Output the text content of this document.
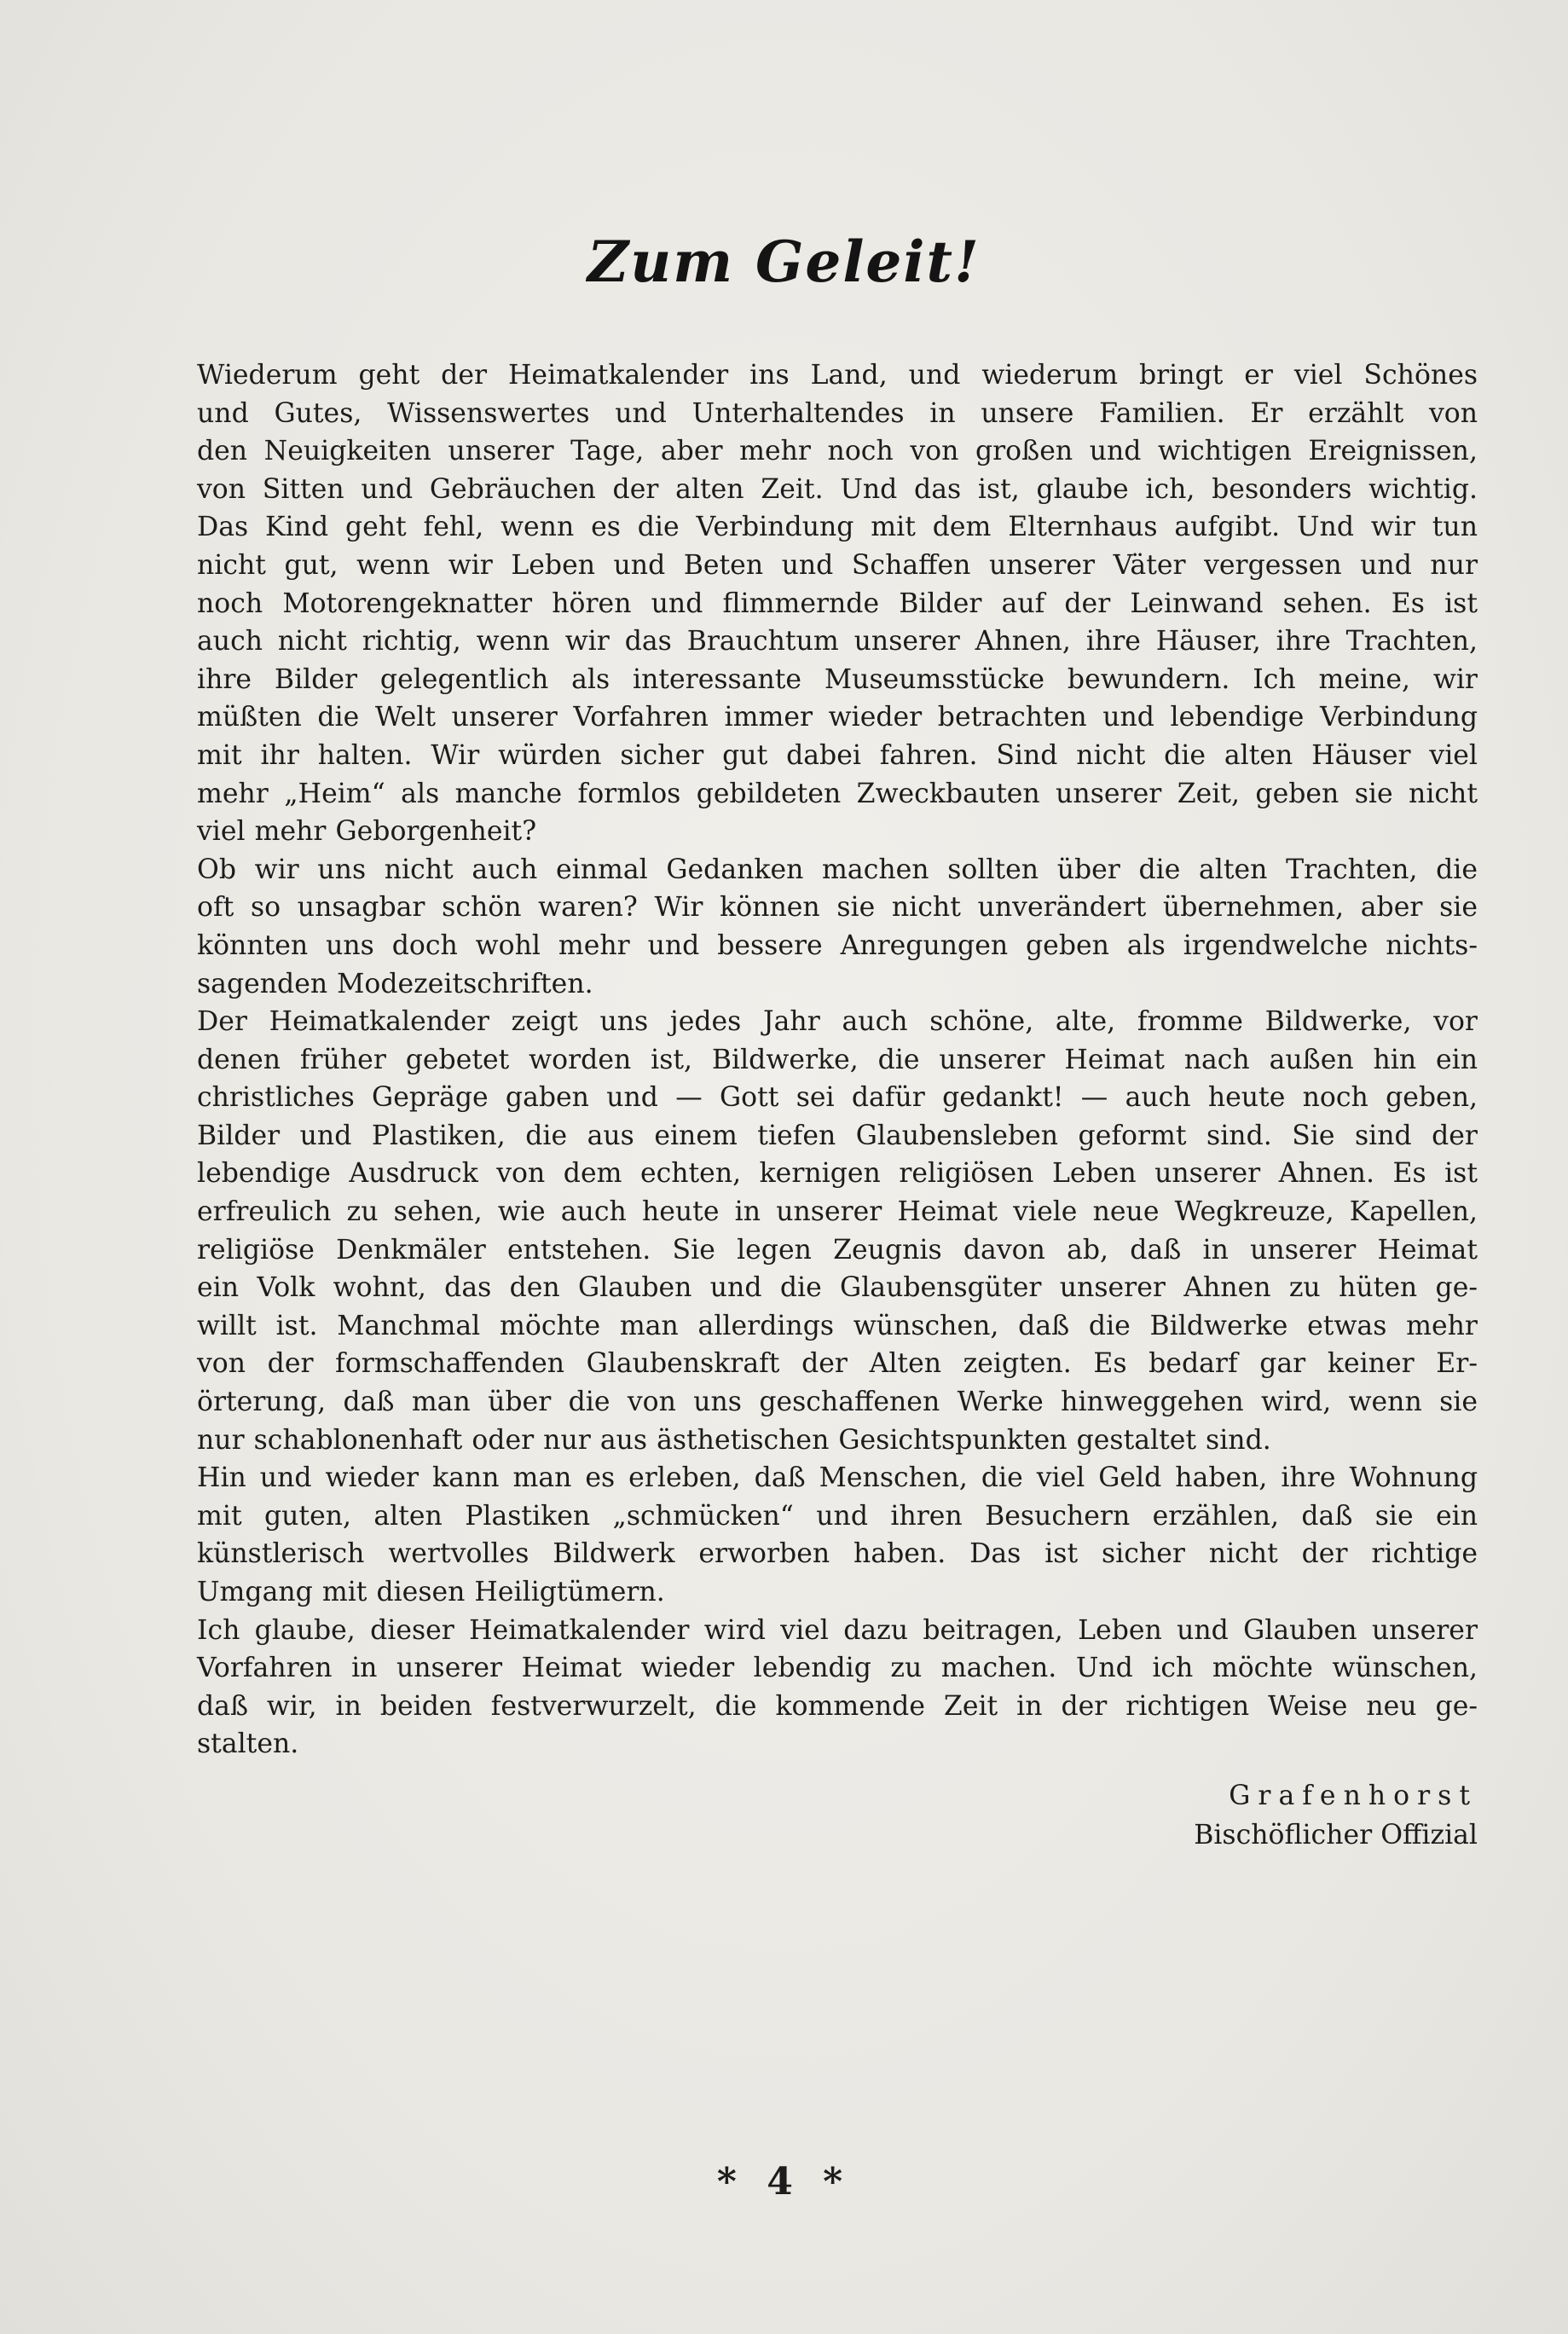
Zum Geleit!
Wiederum geht der Heimatkalender ins Land, und wiederum bringt er viel Schönes
und Gutes, Wissenswertes und Unterhaltendes in unsere Familien. Er erzählt von
den Neuigkeiten unserer Tage, aber mehr noch von großen und wichtigen Ereignissen,
von Sitten und Gebräuchen der alten Zeit. Und das ist, glaube ich, besonders wichtig.
Das Kind geht fehl, wenn es die Verbindung mit dem Elternhaus aufgibt. Und wir tun
nicht gut, wenn wir Leben und Beten und Schaffen unserer Väter vergessen und nur
noch Motorengeknatter hören und flimmernde Bilder auf der Leinwand sehen. Es ist
auch nicht richtig, wenn wir das Brauchtum unserer Ahnen, ihre Häuser, ihre Trachten,
ihre Bilder gelegentlich als interessante Museumsstücke bewundern. Ich meine, wir
müßten die Welt unserer Vorfahren immer wieder betrachten und lebendige Verbindung
mit ihr halten. Wir würden sicher gut dabei fahren. Sind nicht die alten Häuser viel
mehr „Heim“ als manche formlos gebildeten Zweckbauten unserer Zeit, geben sie nicht
viel mehr Geborgenheit?
Ob wir uns nicht auch einmal Gedanken machen sollten über die alten Trachten, die
oft so unsagbar schön waren? Wir können sie nicht unverändert übernehmen, aber sie
könnten uns doch wohl mehr und bessere Anregungen geben als irgendwelche nichts-
sagenden Modezeitschriften.
Der Heimatkalender zeigt uns jedes Jahr auch schöne, alte, fromme Bildwerke, vor
denen früher gebetet worden ist, Bildwerke, die unserer Heimat nach außen hin ein
christliches Gepräge gaben und — Gott sei dafür gedankt! — auch heute noch geben,
Bilder und Plastiken, die aus einem tiefen Glaubensleben geformt sind. Sie sind der
lebendige Ausdruck von dem echten, kernigen religiösen Leben unserer Ahnen. Es ist
erfreulich zu sehen, wie auch heute in unserer Heimat viele neue Wegkreuze, Kapellen,
religiöse Denkmäler entstehen. Sie legen Zeugnis davon ab, daß in unserer Heimat
ein Volk wohnt, das den Glauben und die Glaubensgüter unserer Ahnen zu hüten ge-
willt ist. Manchmal möchte man allerdings wünschen, daß die Bildwerke etwas mehr
von der formschaffenden Glaubenskraft der Alten zeigten. Es bedarf gar keiner Er-
örterung, daß man über die von uns geschaffenen Werke hinweggehen wird, wenn sie
nur schablonenhaft oder nur aus ästhetischen Gesichtspunkten gestaltet sind.
Hin und wieder kann man es erleben, daß Menschen, die viel Geld haben, ihre Wohnung
mit guten, alten Plastiken „schmücken“ und ihren Besuchern erzählen, daß sie ein
künstlerisch wertvolles Bildwerk erworben haben. Das ist sicher nicht der richtige
Umgang mit diesen Heiligtümern.
Ich glaube, dieser Heimatkalender wird viel dazu beitragen, Leben und Glauben unserer
Vorfahren in unserer Heimat wieder lebendig zu machen. Und ich möchte wünschen,
daß wir, in beiden festverwurzelt, die kommende Zeit in der richtigen Weise neu ge-
stalten.
Grafenhorst
Bischöflicher Offizial
* 4 *
